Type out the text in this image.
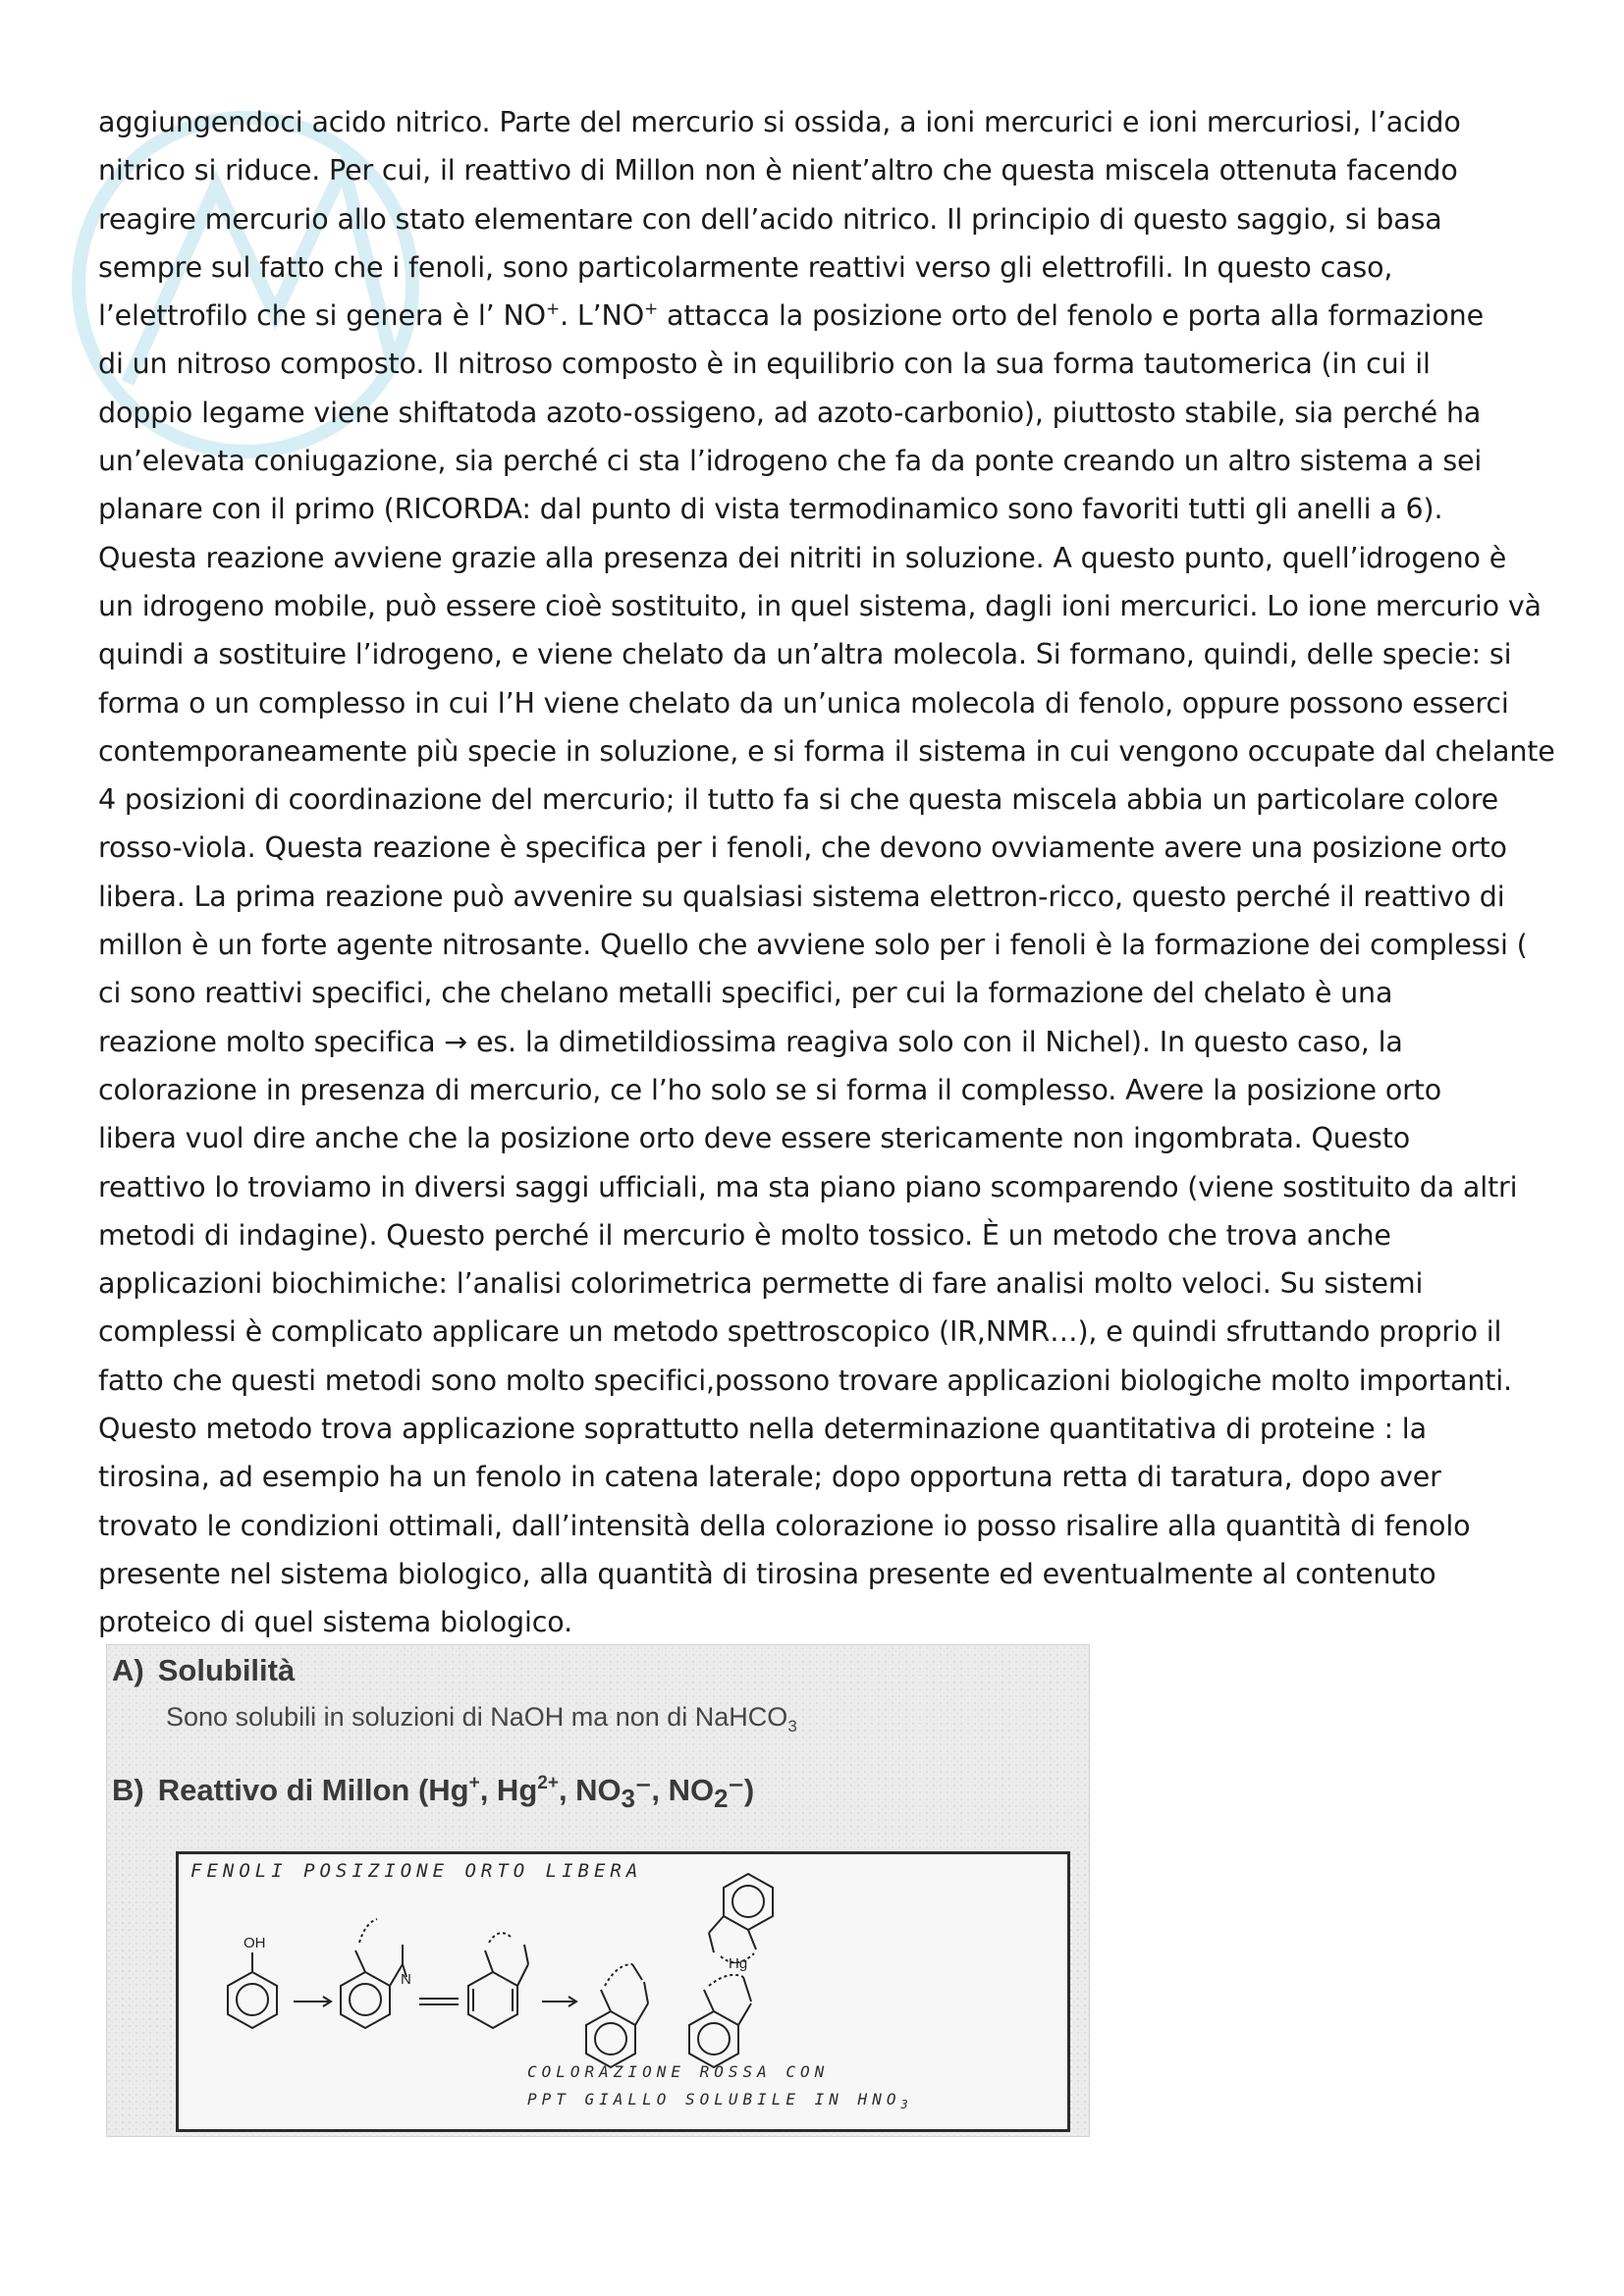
aggiungendoci acido nitrico. Parte del mercurio si ossida, a ioni mercurici e ioni mercuriosi, l’acido
nitrico si riduce. Per cui, il reattivo di Millon non è nient’altro che questa miscela ottenuta facendo
reagire mercurio allo stato elementare con dell’acido nitrico. Il principio di questo saggio, si basa
sempre sul fatto che i fenoli, sono particolarmente reattivi verso gli elettrofili. In questo caso,
l’elettrofilo che si genera è l’ NO+. L’NO+ attacca la posizione orto del fenolo e porta alla formazione
di un nitroso composto. Il nitroso composto è in equilibrio con la sua forma tautomerica (in cui il
doppio legame viene shiftatoda azoto-ossigeno, ad azoto-carbonio), piuttosto stabile, sia perché ha
un’elevata coniugazione, sia perché ci sta l’idrogeno che fa da ponte creando un altro sistema a sei
planare con il primo (RICORDA: dal punto di vista termodinamico sono favoriti tutti gli anelli a 6).
Questa reazione avviene grazie alla presenza dei nitriti in soluzione. A questo punto, quell’idrogeno è
un idrogeno mobile, può essere cioè sostituito, in quel sistema, dagli ioni mercurici. Lo ione mercurio và
quindi a sostituire l’idrogeno, e viene chelato da un’altra molecola. Si formano, quindi, delle specie: si
forma o un complesso in cui l’H viene chelato da un’unica molecola di fenolo, oppure possono esserci
contemporaneamente più specie in soluzione, e si forma il sistema in cui vengono occupate dal chelante
4 posizioni di coordinazione del mercurio; il tutto fa si che questa miscela abbia un particolare colore
rosso-viola. Questa reazione è specifica per i fenoli, che devono ovviamente avere una posizione orto
libera. La prima reazione può avvenire su qualsiasi sistema elettron-ricco, questo perché il reattivo di
millon è un forte agente nitrosante. Quello che avviene solo per i fenoli è la formazione dei complessi (
ci sono reattivi specifici, che chelano metalli specifici, per cui la formazione del chelato è una
reazione molto specifica → es. la dimetildiossima reagiva solo con il Nichel). In questo caso, la
colorazione in presenza di mercurio, ce l’ho solo se si forma il complesso. Avere la posizione orto
libera vuol dire anche che la posizione orto deve essere stericamente non ingombrata. Questo
reattivo lo troviamo in diversi saggi ufficiali, ma sta piano piano scomparendo (viene sostituito da altri
metodi di indagine). Questo perché il mercurio è molto tossico. È un metodo che trova anche
applicazioni biochimiche: l’analisi colorimetrica permette di fare analisi molto veloci. Su sistemi
complessi è complicato applicare un metodo spettroscopico (IR,NMR…), e quindi sfruttando proprio il
fatto che questi metodi sono molto specifici,possono trovare applicazioni biologiche molto importanti.
Questo metodo trova applicazione soprattutto nella determinazione quantitativa di proteine : la
tirosina, ad esempio ha un fenolo in catena laterale; dopo opportuna retta di taratura, dopo aver
trovato le condizioni ottimali, dall’intensità della colorazione io posso risalire alla quantità di fenolo
presente nel sistema biologico, alla quantità di tirosina presente ed eventualmente al contenuto
proteico di quel sistema biologico.
A) Solubilità
Sono solubili in soluzioni di NaOH ma non di NaHCO$_3$
B) Reattivo di Millon (Hg+, $Hg^{2+}$, $NO_3^-$, $NO_2^-$)
FENOLI POSIZIONE ORTO LIBERA
OH
N
Hg
COLORAZIONE ROSSA CON
PPT GIALLO SOLUBILE IN $HNO_3$
